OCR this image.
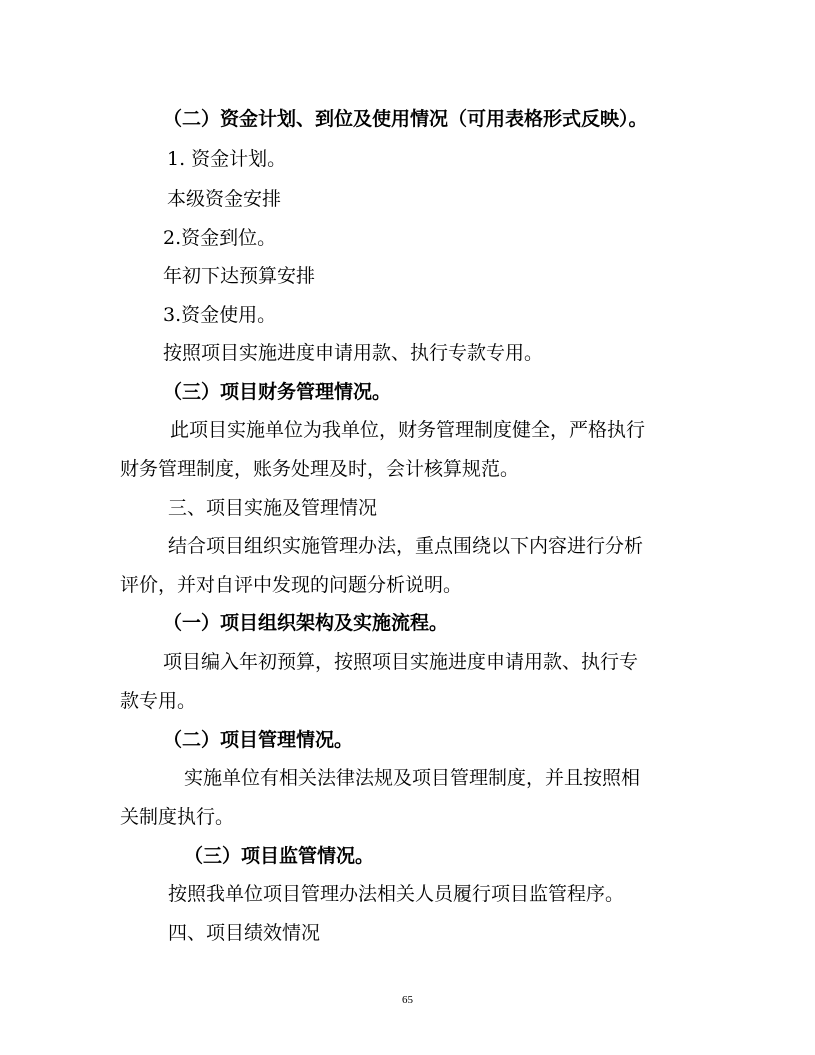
（二）资金计划、到位及使用情况（可用表格形式反映）。
1. 资金计划。
本级资金安排
2.资金到位。
年初下达预算安排
3.资金使用。
按照项目实施进度申请用款、执行专款专用。
（三）项目财务管理情况。
此项目实施单位为我单位，财务管理制度健全，严格执行
财务管理制度，账务处理及时，会计核算规范。
三、项目实施及管理情况
结合项目组织实施管理办法，重点围绕以下内容进行分析
评价，并对自评中发现的问题分析说明。
（一）项目组织架构及实施流程。
项目编入年初预算，按照项目实施进度申请用款、执行专
款专用。
（二）项目管理情况。
实施单位有相关法律法规及项目管理制度，并且按照相
关制度执行。
（三）项目监管情况。
按照我单位项目管理办法相关人员履行项目监管程序。
四、项目绩效情况
65
